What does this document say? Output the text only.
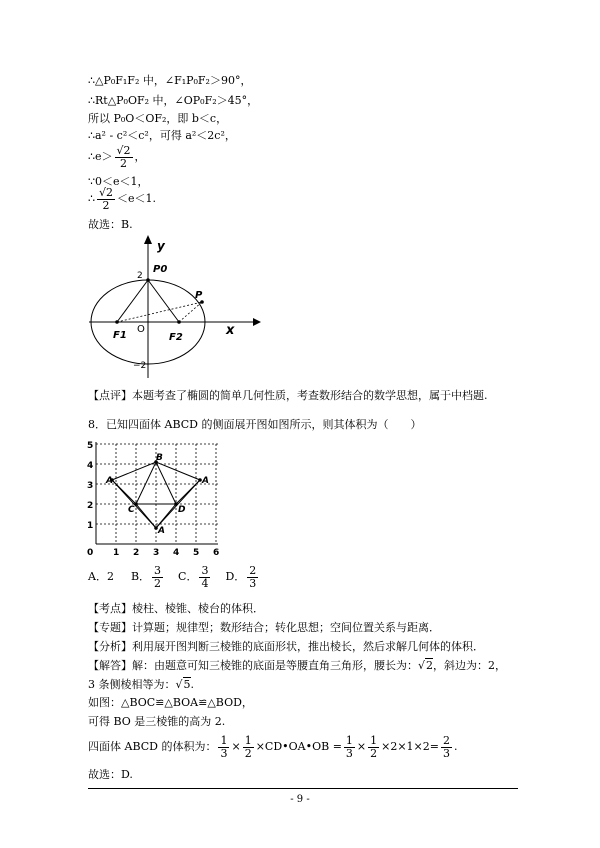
∴△P₀F₁F₂ 中，∠F₁P₀F₂＞90°，
∴Rt△P₀OF₂ 中，∠OP₀F₂＞45°，
所以 P₀O＜OF₂，即 b＜c，
∴a² - c²＜c²，可得 a²＜2c²，
∴e＞ $\frac{√2}{2}$ ，
∵0＜e＜1，
∴ $\frac{√2}{2} <e<1$.
故选：B.
y
x
O
P0
P
F1	F2
2
−2
【点评】本题考查了椭圆的简单几何性质，考查数形结合的数学思想，属于中档题.
8．已知四面体 ABCD 的侧面展开图如图所示，则其体积为（　　）
B
A	A
C	D
A
0 1 2 3 4 5 6
1
2
3
4
5
A．2 B． $\frac{3}{2}$ C． $\frac{3}{4}$ D． $\frac{2}{3}$
【考点】棱柱、棱锥、棱台的体积．
【专题】计算题；规律型；数形结合；转化思想；空间位置关系与距离．
【分析】利用展开图判断三棱锥的底面形状，推出棱长，然后求解几何体的体积．
【解答】解：由题意可知三棱锥的底面是等腰直角三角形，腰长为：√2，斜边为：2，
3 条侧棱相等为：√5.
如图：△BOC≌△BOA≌△BOD，
可得 BO 是三棱锥的高为 2.
四面体 ABCD 的体积为： $\frac{1}{3} \times \frac{1}{2}$ ×CD•OA•OB = $\frac{1}{3} \times \frac{1}{2} \times 2\times 1\times 2= \frac{2}{3}$ .
故选：D.
- 9 -
